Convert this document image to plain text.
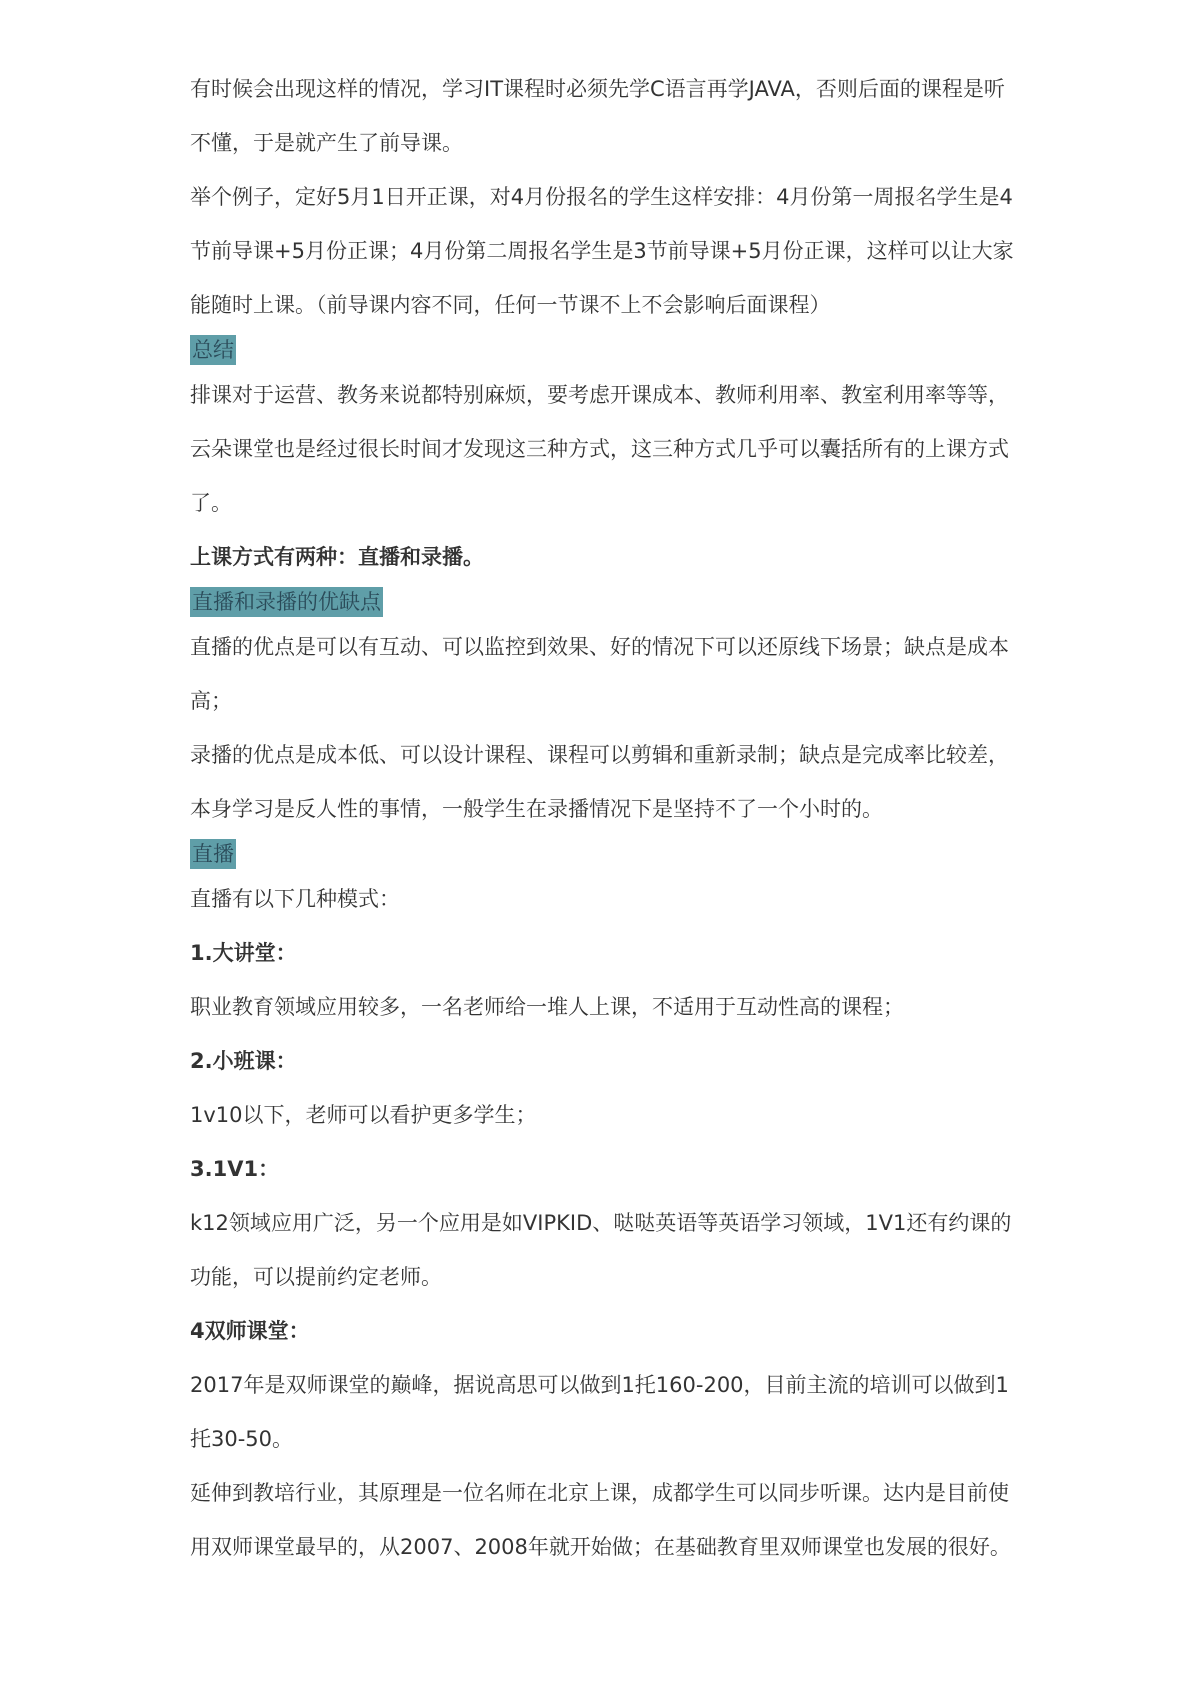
有时候会出现这样的情况，学习IT课程时必须先学C语言再学JAVA，否则后面的课程是听不懂，于是就产生了前导课。

举个例子，定好5月1日开正课，对4月份报名的学生这样安排：4月份第一周报名学生是4节前导课+5月份正课；4月份第二周报名学生是3节前导课+5月份正课，这样可以让大家能随时上课。（前导课内容不同，任何一节课不上不会影响后面课程）

总结

排课对于运营、教务来说都特别麻烦，要考虑开课成本、教师利用率、教室利用率等等，云朵课堂也是经过很长时间才发现这三种方式，这三种方式几乎可以囊括所有的上课方式了。

上课方式有两种：直播和录播。

直播和录播的优缺点

直播的优点是可以有互动、可以监控到效果、好的情况下可以还原线下场景；缺点是成本高；

录播的优点是成本低、可以设计课程、课程可以剪辑和重新录制；缺点是完成率比较差，本身学习是反人性的事情，一般学生在录播情况下是坚持不了一个小时的。

直播

直播有以下几种模式：

1.大讲堂：

职业教育领域应用较多，一名老师给一堆人上课，不适用于互动性高的课程；

2.小班课：

1v10以下，老师可以看护更多学生；

3.1V1：

k12领域应用广泛，另一个应用是如VIPKID、哒哒英语等英语学习领域，1V1还有约课的功能，可以提前约定老师。

4双师课堂：

2017年是双师课堂的巅峰，据说高思可以做到1托160-200，目前主流的培训可以做到1托30-50。

延伸到教培行业，其原理是一位名师在北京上课，成都学生可以同步听课。达内是目前使用双师课堂最早的，从2007、2008年就开始做；在基础教育里双师课堂也发展的很好。
